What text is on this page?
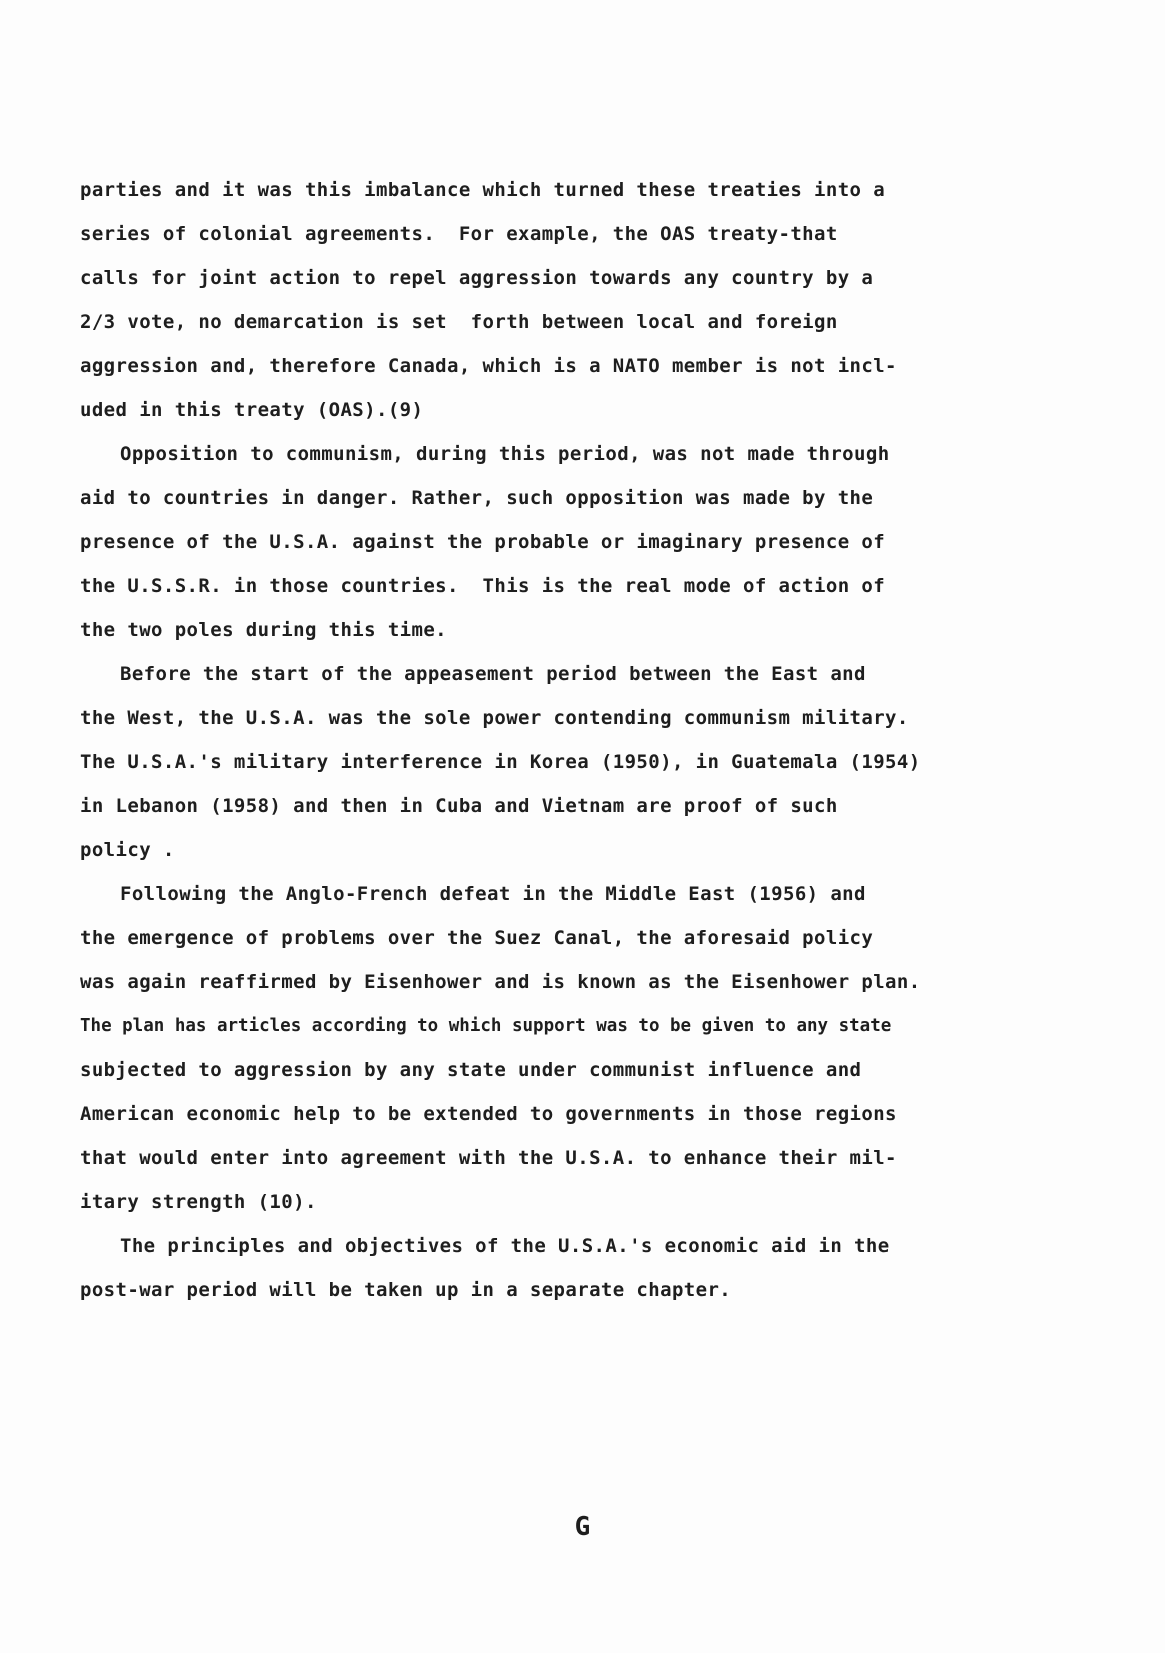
parties and it was this imbalance which turned these treaties into a
series of colonial agreements.  For example, the OAS treaty-that
calls for joint action to repel aggression towards any country by a
2/3 vote, no demarcation is set  forth between local and foreign
aggression and, therefore Canada, which is a NATO member is not incl-
uded in this treaty (OAS).(9)
Opposition to communism, during this period, was not made through
aid to countries in danger. Rather, such opposition was made by the
presence of the U.S.A. against the probable or imaginary presence of
the U.S.S.R. in those countries.  This is the real mode of action of
the two poles during this time.
Before the start of the appeasement period between the East and
the West, the U.S.A. was the sole power contending communism military.
The U.S.A.'s military interference in Korea (1950), in Guatemala (1954)
in Lebanon (1958) and then in Cuba and Vietnam are proof of such
policy .
Following the Anglo-French defeat in the Middle East (1956) and
the emergence of problems over the Suez Canal, the aforesaid policy
was again reaffirmed by Eisenhower and is known as the Eisenhower plan.
The plan has articles according to which support was to be given to any state
subjected to aggression by any state under communist influence and
American economic help to be extended to governments in those regions
that would enter into agreement with the U.S.A. to enhance their mil-
itary strength (10).
The principles and objectives of the U.S.A.'s economic aid in the
post-war period will be taken up in a separate chapter.
G
